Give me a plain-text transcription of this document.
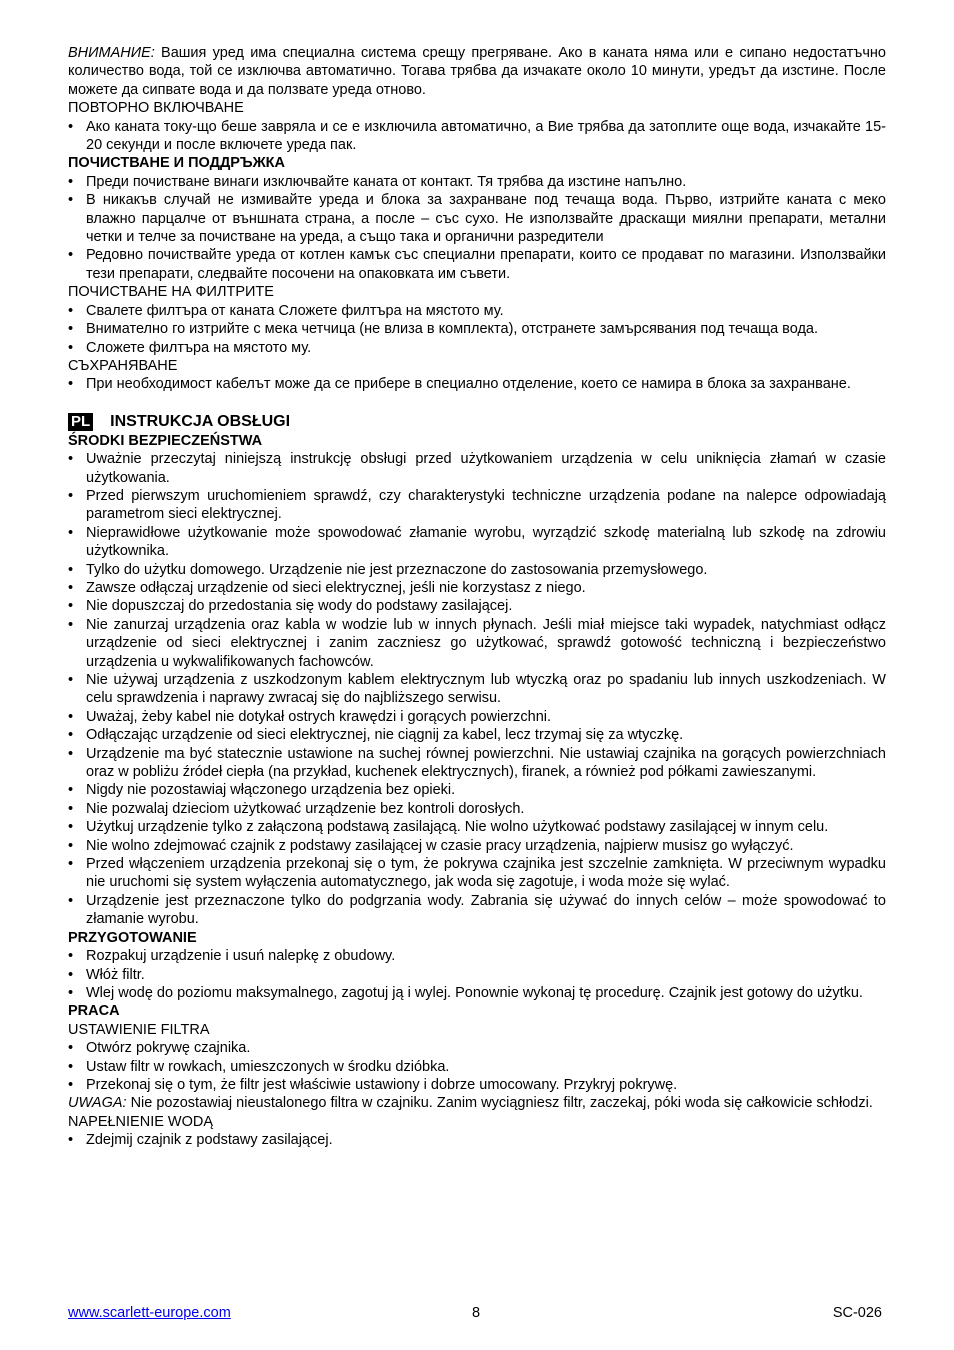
ВНИМАНИЕ: Вашия уред има специална система срещу прегряване. Ако в каната няма или е сипано недостатъчно количество вода, той се изключва автоматично. Тогава трябва да изчакате около 10 минути, уредът да изстине. После можете да сипвате вода и да ползвате уреда отново.

ПОВТОРНО ВКЛЮЧВАНЕ
• Ако каната току-що беше завряла и се е изключила автоматично, а Вие трябва да затоплите още вода, изчакайте 15-20 секунди и после включете уреда пак.
ПОЧИСТВАНЕ И ПОДДРЪЖКА
• Преди почистване винаги изключвайте каната от контакт. Тя трябва да изстине напълно.
• В никакъв случай не измивайте уреда и блока за захранване под течаща вода. Първо, изтрийте каната с меко влажно парцалче от външната страна, а после – със сухо. Не използвайте драскащи миялни препарати, метални четки и телче за почистване на уреда, а също така и органични разредители
• Редовно почиствайте уреда от котлен камък със специални препарати, които се продават по магазини. Използвайки тези препарати, следвайте посочени на опаковката им съвети.
ПОЧИСТВАНЕ НА ФИЛТРИТЕ
• Свалете филтъра от каната Сложете филтъра на мястото му.
• Внимателно го изтрийте с мека четчица (не влиза в комплекта), отстранете замърсявания под течаща вода.
• Сложете филтъра на мястото му.
СЪХРАНЯВАНЕ
• При необходимост кабелът може да се прибере в специално отделение, което се намира в блока за захранване.
PL INSTRUKCJA OBSŁUGI
ŚRODKI BEZPIECZEŃSTWA
• Uważnie przeczytaj niniejszą instrukcję obsługi przed użytkowaniem urządzenia w celu uniknięcia złamań w czasie użytkowania.
• Przed pierwszym uruchomieniem sprawdź, czy charakterystyki techniczne urządzenia podane na nalepce odpowiadają parametrom sieci elektrycznej.
• Nieprawidłowe użytkowanie może spowodować złamanie wyrobu, wyrządzić szkodę materialną lub szkodę na zdrowiu użytkownika.
• Tylko do użytku domowego. Urządzenie nie jest przeznaczone do zastosowania przemysłowego.
• Zawsze odłączaj urządzenie od sieci elektrycznej, jeśli nie korzystasz z niego.
• Nie dopuszczaj do przedostania się wody do podstawy zasilającej.
• Nie zanurzaj urządzenia oraz kabla w wodzie lub w innych płynach. Jeśli miał miejsce taki wypadek, natychmiast odłącz urządzenie od sieci elektrycznej i zanim zaczniesz go użytkować, sprawdź gotowość techniczną i bezpieczeństwo urządzenia u wykwalifikowanych fachowców.
• Nie używaj urządzenia z uszkodzonym kablem elektrycznym lub wtyczką oraz po spadaniu lub innych uszkodzeniach. W celu sprawdzenia i naprawy zwracaj się do najbliższego serwisu.
• Uważaj, żeby kabel nie dotykał ostrych krawędzi i gorących powierzchni.
• Odłączając urządzenie od sieci elektrycznej, nie ciągnij za kabel, lecz trzymaj się za wtyczkę.
• Urządzenie ma być statecznie ustawione na suchej równej powierzchni. Nie ustawiaj czajnika na gorących powierzchniach oraz w pobliżu źródeł ciepła (na przykład, kuchenek elektrycznych), firanek, a również pod półkami zawieszanymi.
• Nigdy nie pozostawiaj włączonego urządzenia bez opieki.
• Nie pozwalaj dzieciom użytkować urządzenie bez kontroli dorosłych.
• Użytkuj urządzenie tylko z załączoną podstawą zasilającą. Nie wolno użytkować podstawy zasilającej w innym celu.
• Nie wolno zdejmować czajnik z podstawy zasilającej w czasie pracy urządzenia, najpierw musisz go wyłączyć.
• Przed włączeniem urządzenia przekonaj się o tym, że pokrywa czajnika jest szczelnie zamknięta. W przeciwnym wypadku nie uruchomi się system wyłączenia automatycznego, jak woda się zagotuje, i woda może się wylać.
• Urządzenie jest przeznaczone tylko do podgrzania wody. Zabrania się używać do innych celów – może spowodować to złamanie wyrobu.
PRZYGOTOWANIE
• Rozpakuj urządzenie i usuń nalepkę z obudowy.
• Włóż filtr.
• Wlej wodę do poziomu maksymalnego, zagotuj ją i wylej. Ponownie wykonaj tę procedurę. Czajnik jest gotowy do użytku.
PRACA
USTAWIENIE FILTRA
• Otwórz pokrywę czajnika.
• Ustaw filtr w rowkach, umieszczonych w środku dzióbka.
• Przekonaj się o tym, że filtr jest właściwie ustawiony i dobrze umocowany. Przykryj pokrywę.

UWAGA: Nie pozostawiaj nieustalonego filtra w czajniku. Zanim wyciągniesz filtr, zaczekaj, póki woda się całkowicie schłodzi.

NAPEŁNIENIE WODĄ
• Zdejmij czajnik z podstawy zasilającej.
www.scarlett-europe.com	8	SC-026
